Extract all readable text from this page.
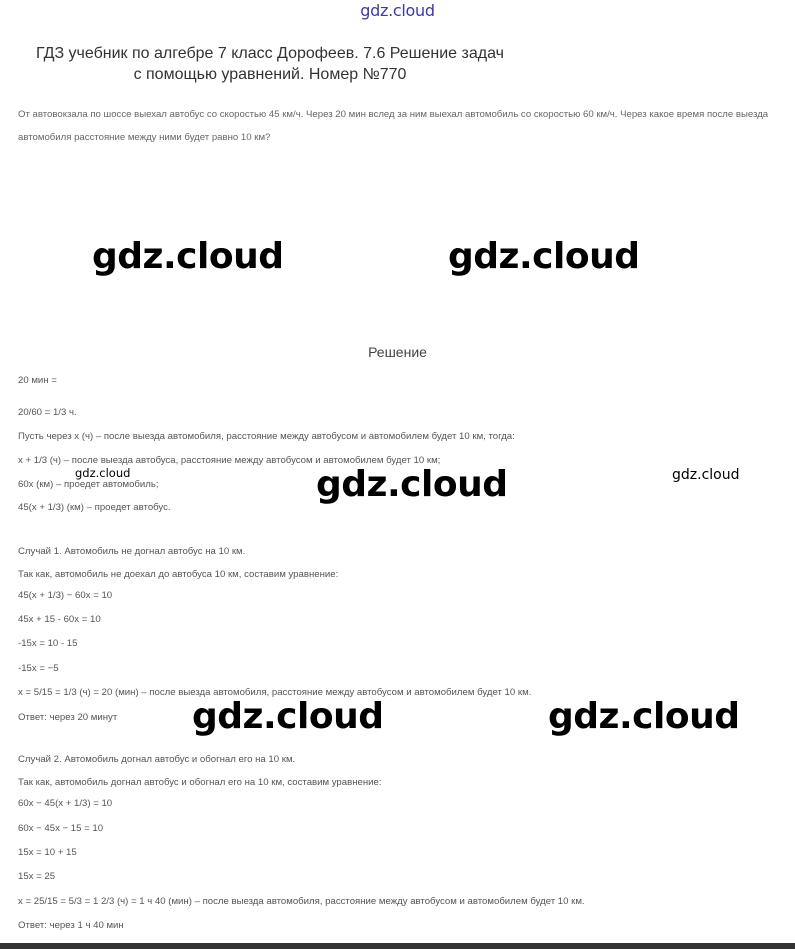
gdz.cloud
ГДЗ учебник по алгебре 7 класс Дорофеев. 7.6 Решение задач
с помощью уравнений. Номер №770
От автовокзала по шоссе выехал автобус со скоростью 45 км/ч. Через 20 мин вслед за ним выехал автомобиль со скоростью 60 км/ч. Через какое время после выезда автомобиля расстояние между ними будет равно 10 км?
gdz.cloud	gdz.cloud
Решение
20 мин =
20/60 = 1/3 ч.
Пусть через x (ч) – после выезда автомобиля, расстояние между автобусом и автомобилем будет 10 км, тогда:
x + 1/3 (ч) – после выезда автобуса, расстояние между автобусом и автомобилем будет 10 км;
60x (км) – проедет автомобиль;
45(x + 1/3) (км) – проедет автобус.
gdz.cloud	gdz.cloud	gdz.cloud
Случай 1. Автомобиль не догнал автобус на 10 км.
Так как, автомобиль не доехал до автобуса 10 км, составим уравнение:
45(x + 1/3) − 60x = 10
45x + 15 - 60x = 10
-15x = 10 - 15
-15x = −5
x = 5/15 = 1/3 (ч) = 20 (мин) – после выезда автомобиля, расстояние между автобусом и автомобилем будет 10 км.
Ответ: через 20 минут gdz.cloud	gdz.cloud
Случай 2. Автомобиль догнал автобус и обогнал его на 10 км.
Так как, автомобиль догнал автобус и обогнал его на 10 км, составим уравнение:
60x − 45(x + 1/3) = 10
60x − 45x − 15 = 10
15x = 10 + 15
15x = 25
x = 25/15 = 5/3 = 1 2/3 (ч) = 1 ч 40 (мин) – после выезда автомобиля, расстояние между автобусом и автомобилем будет 10 км.
Ответ: через 1 ч 40 мин
